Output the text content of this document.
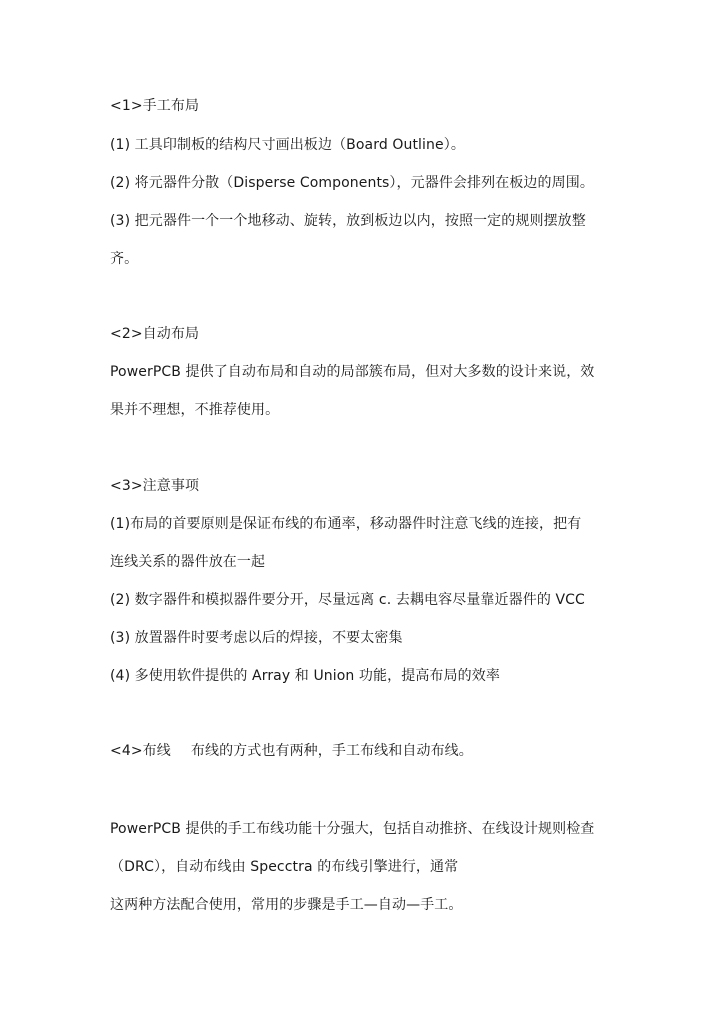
<1>手工布局
(1) 工具印制板的结构尺寸画出板边（Board Outline）。
(2) 将元器件分散（Disperse Components），元器件会排列在板边的周围。
(3) 把元器件一个一个地移动、旋转，放到板边以内，按照一定的规则摆放整
齐。
<2>自动布局
PowerPCB 提供了自动布局和自动的局部簇布局，但对大多数的设计来说，效
果并不理想，不推荐使用。
<3>注意事项
(1)布局的首要原则是保证布线的布通率，移动器件时注意飞线的连接，把有
连线关系的器件放在一起
(2) 数字器件和模拟器件要分开，尽量远离 c. 去耦电容尽量靠近器件的 VCC
(3) 放置器件时要考虑以后的焊接，不要太密集
(4) 多使用软件提供的 Array 和 Union 功能，提高布局的效率
<4>布线 布线的方式也有两种，手工布线和自动布线。
PowerPCB 提供的手工布线功能十分强大，包括自动推挤、在线设计规则检查
（DRC），自动布线由 Specctra 的布线引擎进行，通常
这两种方法配合使用，常用的步骤是手工—自动—手工。
